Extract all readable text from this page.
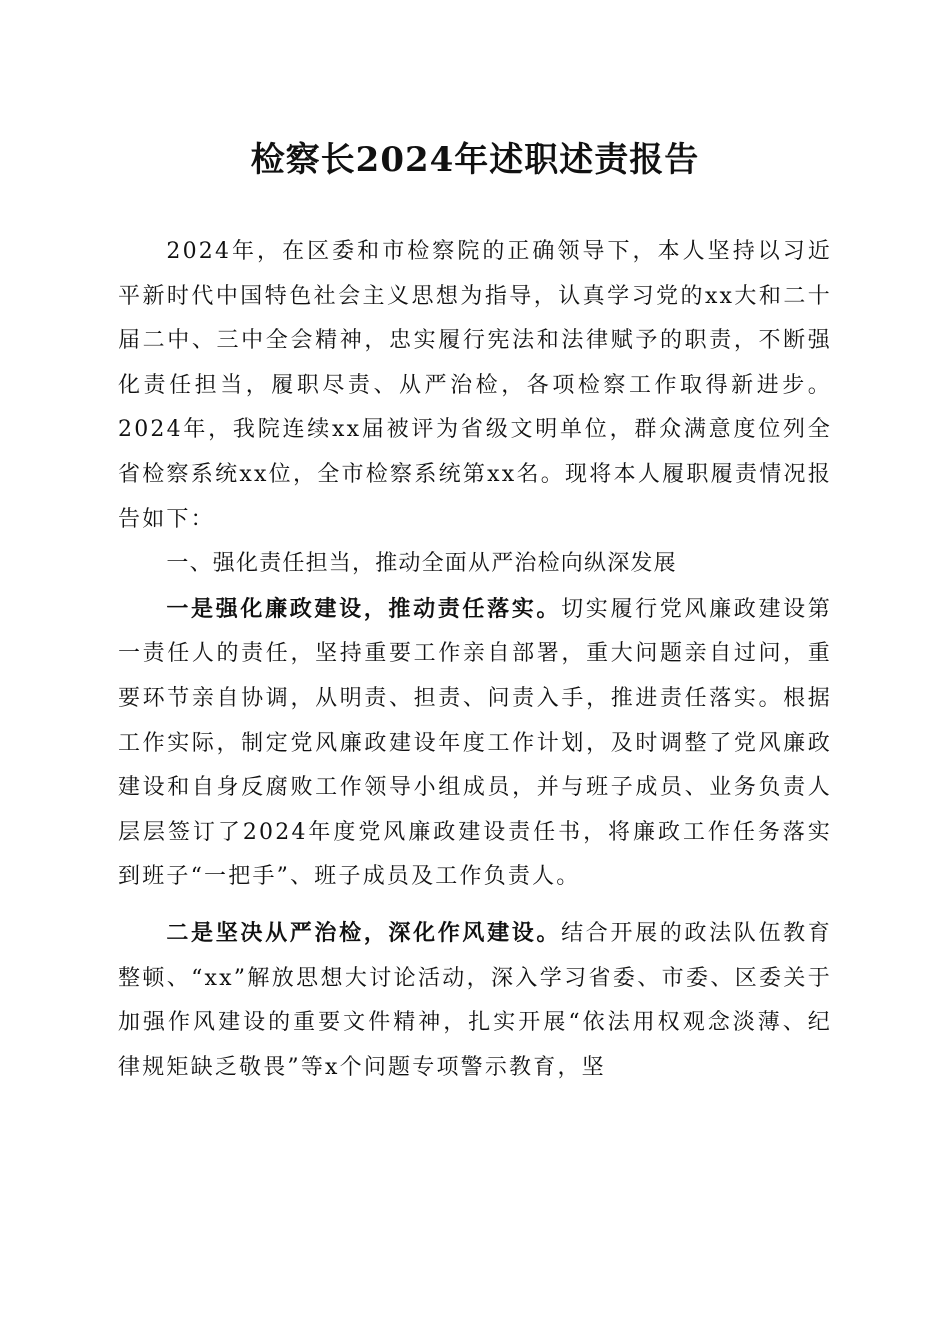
检察长2024年述职述责报告

2024年，在区委和市检察院的正确领导下，本人坚持以习近平新时代中国特色社会主义思想为指导，认真学习党的xx大和二十届二中、三中全会精神，忠实履行宪法和法律赋予的职责，不断强化责任担当，履职尽责、从严治检，各项检察工作取得新进步。2024年，我院连续xx届被评为省级文明单位，群众满意度位列全省检察系统xx位，全市检察系统第xx名。现将本人履职履责情况报告如下：

一、强化责任担当，推动全面从严治检向纵深发展

一是强化廉政建设，推动责任落实。切实履行党风廉政建设第一责任人的责任，坚持重要工作亲自部署，重大问题亲自过问，重要环节亲自协调，从明责、担责、问责入手，推进责任落实。根据工作实际，制定党风廉政建设年度工作计划，及时调整了党风廉政建设和自身反腐败工作领导小组成员，并与班子成员、业务负责人层层签订了2024年度党风廉政建设责任书，将廉政工作任务落实到班子“一把手”、班子成员及工作负责人。

二是坚决从严治检，深化作风建设。结合开展的政法队伍教育整顿、“xx”解放思想大讨论活动，深入学习省委、市委、区委关于加强作风建设的重要文件精神，扎实开展“依法用权观念淡薄、纪律规矩缺乏敬畏”等x个问题专项警示教育，坚
